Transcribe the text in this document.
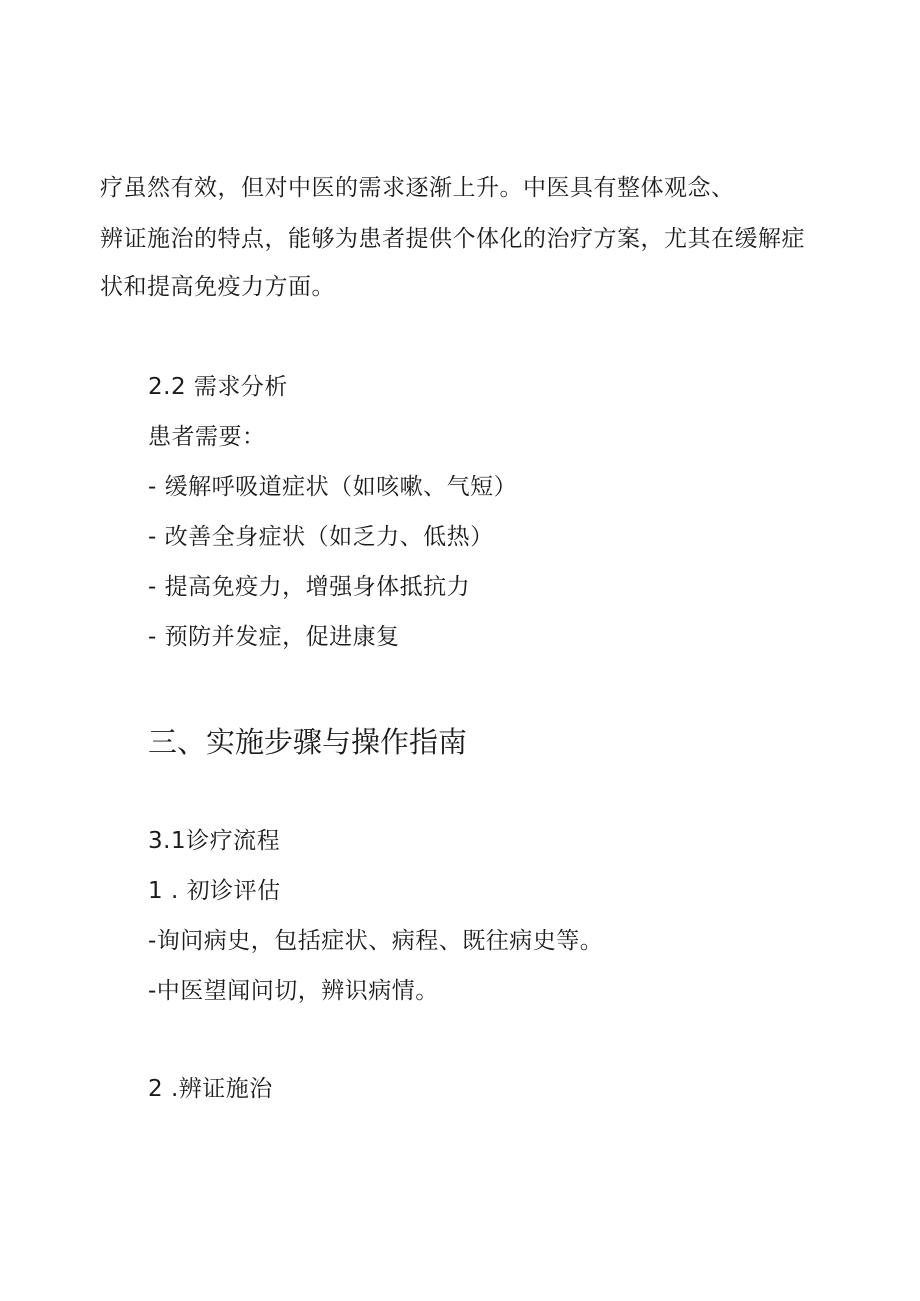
疗虽然有效，但对中医的需求逐渐上升。中医具有整体观念、
辨证施治的特点，能够为患者提供个体化的治疗方案，尤其在缓解症
状和提高免疫力方面。
2.2 需求分析
患者需要：
- 缓解呼吸道症状（如咳嗽、气短）
- 改善全身症状（如乏力、低热）
- 提高免疫力，增强身体抵抗力
- 预防并发症，促进康复
三、实施步骤与操作指南
3.1诊疗流程
1 . 初诊评估
-询问病史，包括症状、病程、既往病史等。
-中医望闻问切，辨识病情。
2 .辨证施治
